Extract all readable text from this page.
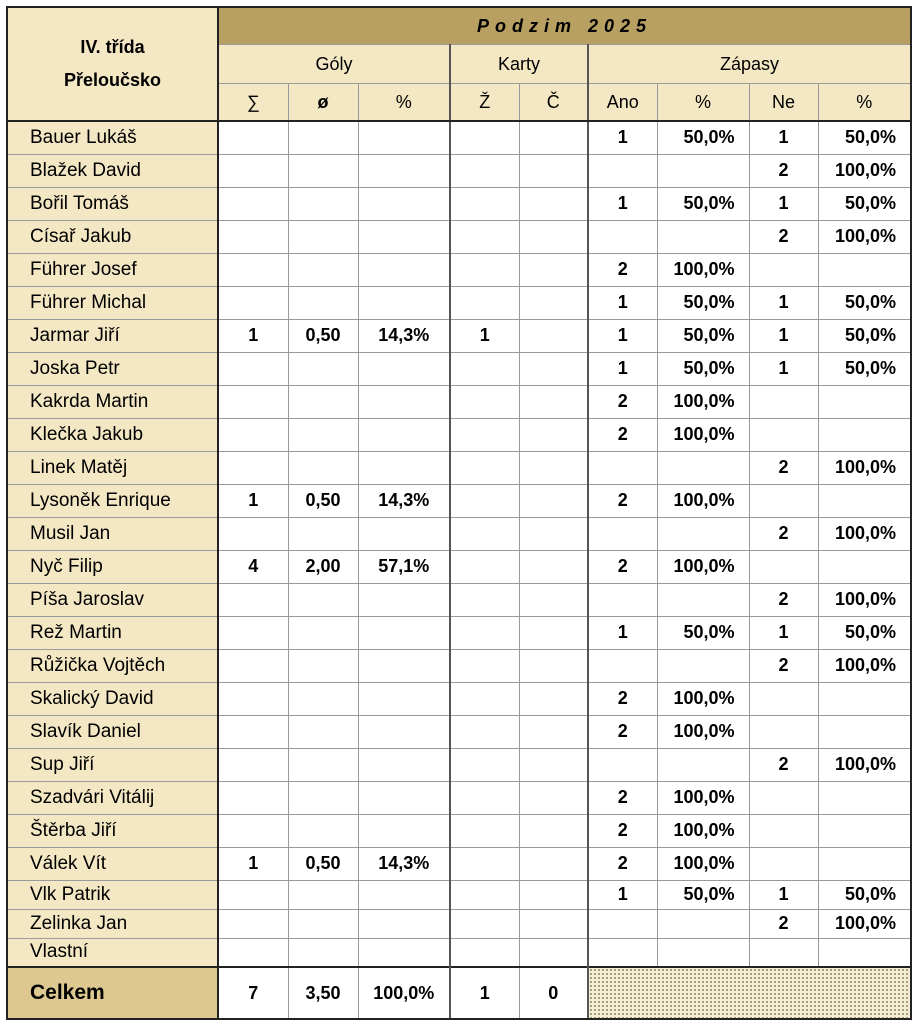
IV. třída
Přeloučsko	Podzim 2025								
	Góly			Karty		Zápasy			
	∑	ø	%	Ž	Č	Ano	%	Ne	%
Bauer Lukáš						1	50,0%	1	50,0%
Blažek David								2	100,0%
Bořil Tomáš						1	50,0%	1	50,0%
Císař Jakub								2	100,0%
Führer Josef						2	100,0%		
Führer Michal						1	50,0%	1	50,0%
Jarmar Jiří	1	0,50	14,3%	1		1	50,0%	1	50,0%
Joska Petr						1	50,0%	1	50,0%
Kakrda Martin						2	100,0%		
Klečka Jakub						2	100,0%		
Linek Matěj								2	100,0%
Lysoněk Enrique	1	0,50	14,3%			2	100,0%		
Musil Jan								2	100,0%
Nyč Filip	4	2,00	57,1%			2	100,0%		
Píša Jaroslav								2	100,0%
Rež Martin						1	50,0%	1	50,0%
Růžička Vojtěch								2	100,0%
Skalický David						2	100,0%		
Slavík Daniel						2	100,0%		
Sup Jiří								2	100,0%
Szadvári Vitálij						2	100,0%		
Štěrba Jiří						2	100,0%		
Válek Vít	1	0,50	14,3%			2	100,0%		
Vlk Patrik						1	50,0%	1	50,0%
Zelinka Jan								2	100,0%
Vlastní									
Celkem	7	3,50	100,0%	1	0				
